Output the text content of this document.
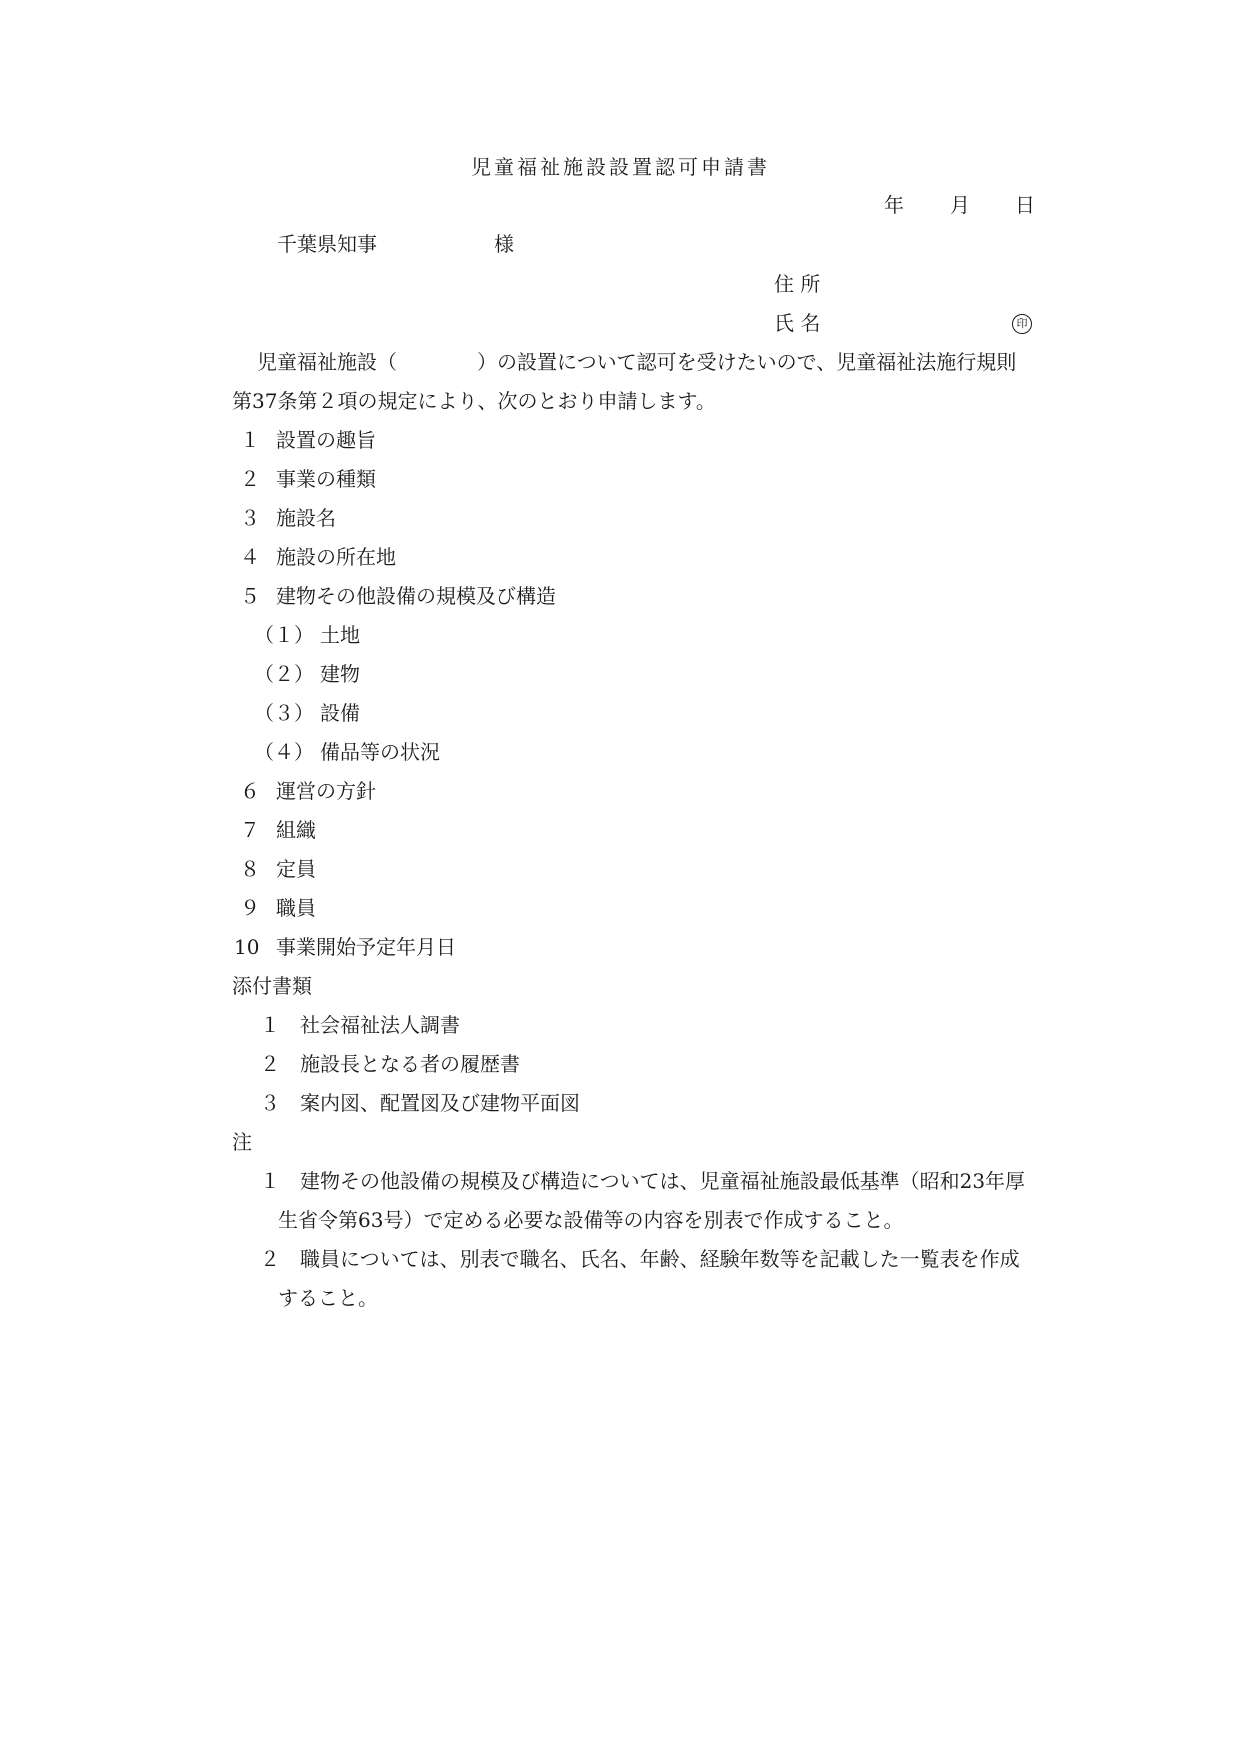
児童福祉施設設置認可申請書
年 月 日
千葉県知事	様
住 所
氏 名	印
児童福祉施設（　　　　）の設置について認可を受けたいので、児童福祉法施行規則
第37条第２項の規定により、次のとおり申請します。
１ 設置の趣旨
２ 事業の種類
３ 施設名
４ 施設の所在地
５ 建物その他設備の規模及び構造
（１） 土地
（２） 建物
（３） 設備
（４） 備品等の状況
６ 運営の方針
７ 組織
８ 定員
９ 職員
10 事業開始予定年月日
添付書類
１ 社会福祉法人調書
２ 施設長となる者の履歴書
３ 案内図、配置図及び建物平面図
注
１ 建物その他設備の規模及び構造については、児童福祉施設最低基準（昭和23年厚
生省令第63号）で定める必要な設備等の内容を別表で作成すること。
２ 職員については、別表で職名、氏名、年齢、経験年数等を記載した一覧表を作成
すること。
